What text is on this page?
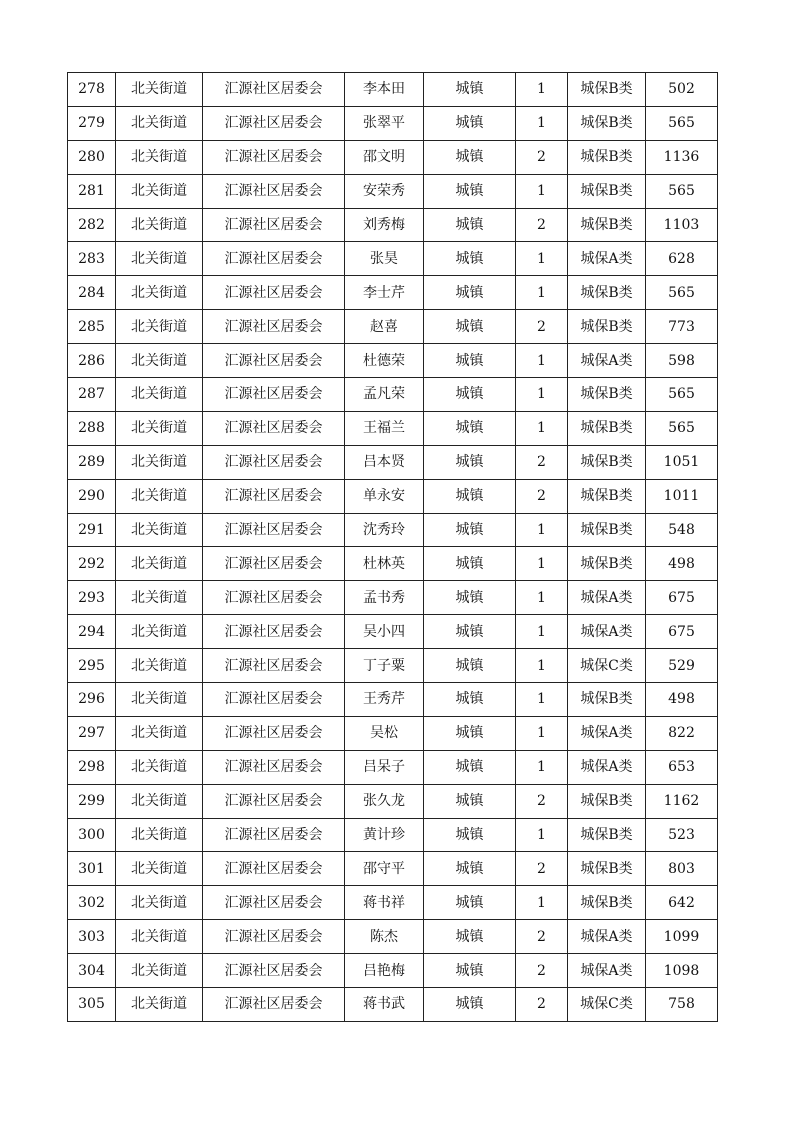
278	北关街道	汇源社区居委会	李本田	城镇	1	城保B类	502
279	北关街道	汇源社区居委会	张翠平	城镇	1	城保B类	565
280	北关街道	汇源社区居委会	邵文明	城镇	2	城保B类	1136
281	北关街道	汇源社区居委会	安荣秀	城镇	1	城保B类	565
282	北关街道	汇源社区居委会	刘秀梅	城镇	2	城保B类	1103
283	北关街道	汇源社区居委会	张昊	城镇	1	城保A类	628
284	北关街道	汇源社区居委会	李士芹	城镇	1	城保B类	565
285	北关街道	汇源社区居委会	赵喜	城镇	2	城保B类	773
286	北关街道	汇源社区居委会	杜德荣	城镇	1	城保A类	598
287	北关街道	汇源社区居委会	孟凡荣	城镇	1	城保B类	565
288	北关街道	汇源社区居委会	王福兰	城镇	1	城保B类	565
289	北关街道	汇源社区居委会	吕本贤	城镇	2	城保B类	1051
290	北关街道	汇源社区居委会	单永安	城镇	2	城保B类	1011
291	北关街道	汇源社区居委会	沈秀玲	城镇	1	城保B类	548
292	北关街道	汇源社区居委会	杜林英	城镇	1	城保B类	498
293	北关街道	汇源社区居委会	孟书秀	城镇	1	城保A类	675
294	北关街道	汇源社区居委会	吴小四	城镇	1	城保A类	675
295	北关街道	汇源社区居委会	丁子粟	城镇	1	城保C类	529
296	北关街道	汇源社区居委会	王秀芹	城镇	1	城保B类	498
297	北关街道	汇源社区居委会	吴松	城镇	1	城保A类	822
298	北关街道	汇源社区居委会	吕呆子	城镇	1	城保A类	653
299	北关街道	汇源社区居委会	张久龙	城镇	2	城保B类	1162
300	北关街道	汇源社区居委会	黄计珍	城镇	1	城保B类	523
301	北关街道	汇源社区居委会	邵守平	城镇	2	城保B类	803
302	北关街道	汇源社区居委会	蒋书祥	城镇	1	城保B类	642
303	北关街道	汇源社区居委会	陈杰	城镇	2	城保A类	1099
304	北关街道	汇源社区居委会	吕艳梅	城镇	2	城保A类	1098
305	北关街道	汇源社区居委会	蒋书武	城镇	2	城保C类	758
